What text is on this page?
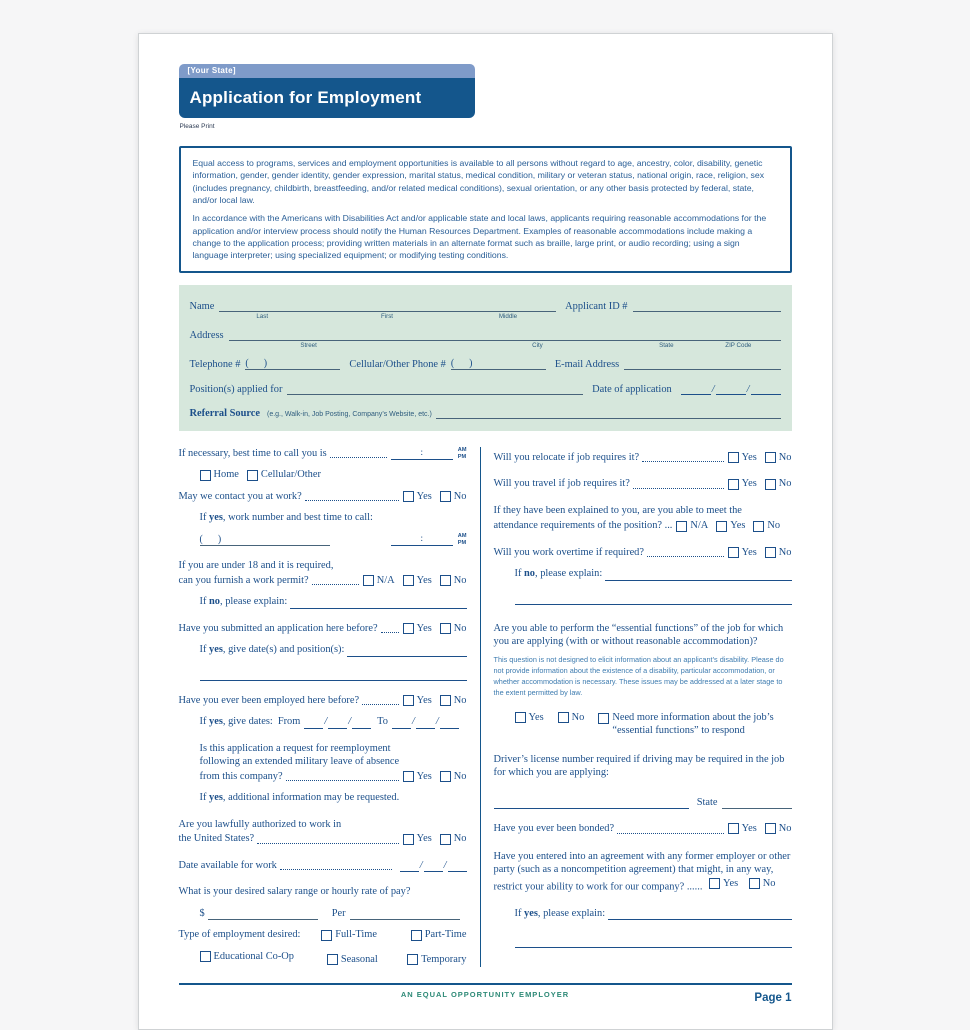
[Your State]
Application for Employment
Please Print

Equal access to programs, services and employment opportunities is available to all persons without regard to age, ancestry, color, disability, genetic information, gender, gender identity, gender expression, marital status, medical condition, military or veteran status, national origin, race, religion, sex (includes pregnancy, childbirth, breastfeeding, and/or related medical conditions), sexual orientation, or any other basis protected by federal, state, and/or local law.

In accordance with the Americans with Disabilities Act and/or applicable state and local laws, applicants requiring reasonable accommodations for the application and/or interview process should notify the Human Resources Department. Examples of reasonable accommodations include making a change to the application process; providing written materials in an alternate format such as braille, large print, or audio recording; using a sign language interpreter; using specialized equipment; or modifying testing conditions.

Name
Last	First	Middle
Applicant ID #
Address
Street	City	State	ZIP Code
Telephone # (      )	Cellular/Other Phone # (      )	E-mail Address
Position(s) applied for	Date of application	/	/
Referral Source (e.g., Walk-in, Job Posting, Company’s Website, etc.)
If necessary, best time to call you is	:	AM
PM
Home Cellular/Other
May we contact you at work?	Yes No
If yes, work number and best time to call:
(      )	:	AM
PM
If you are under 18 and it is required,
can you furnish a work permit?	N/A Yes No
If no, please explain:
Have you submitted an application here before?	Yes No
If yes, give date(s) and position(s):
Have you ever been employed here before?	Yes No
If yes, give dates: From / /	To / /
Is this application a request for reemployment
following an extended military leave of absence
from this company?	Yes No
If yes, additional information may be requested.
Are you lawfully authorized to work in
the United States?	Yes No
Date available for work	/ /
What is your desired salary range or hourly rate of pay?
$	Per
Type of employment desired:	Full-Time	Part-Time
Educational Co-Op	Seasonal	Temporary
Will you relocate if job requires it?	Yes No
Will you travel if job requires it?	Yes No
If they have been explained to you, are you able to meet the
attendance requirements of the position? ... N/A Yes No
Will you work overtime if required?	Yes No
If no, please explain:
Are you able to perform the “essential functions” of the job for which you are applying (with or without reasonable accommodation)?
This question is not designed to elicit information about an applicant’s disability. Please do not provide information about the existence of a disability, particular accommodation, or whether accommodation is necessary. These issues may be addressed at a later stage to the extent permitted by law.
Yes	No	Need more information about the job’s “essential functions” to respond
Driver’s license number required if driving may be required in the job for which you are applying:
State
Have you ever been bonded?	Yes No
Have you entered into an agreement with any former employer or other party (such as a noncompetition agreement) that might, in any way, restrict your ability to work for our company? ...... Yes
No
If yes, please explain:
AN EQUAL OPPORTUNITY EMPLOYER	Page 1
